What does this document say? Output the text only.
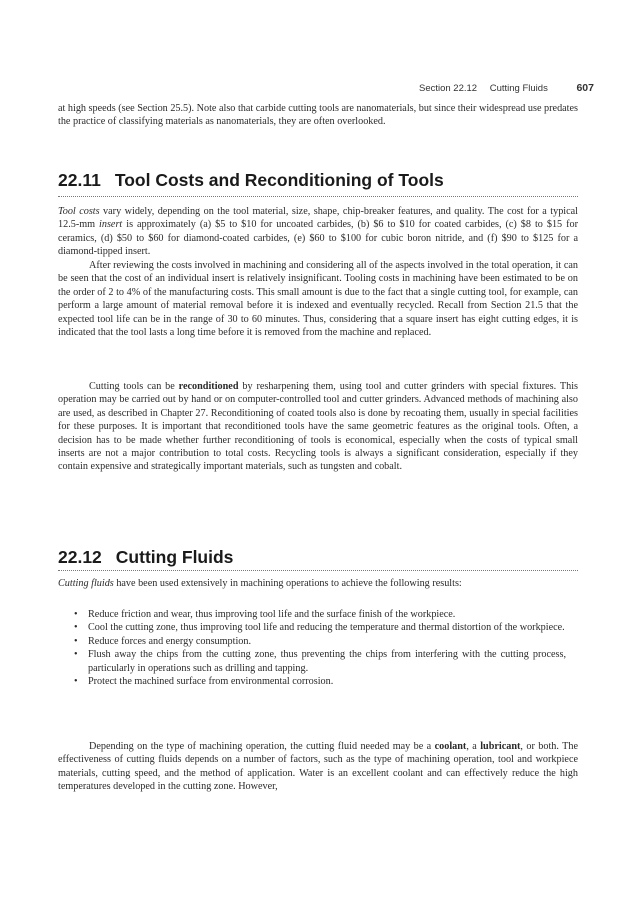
Section 22.12 Cutting Fluids	607

at high speeds (see Section 25.5). Note also that carbide cutting tools are nanomaterials, but since their widespread use predates the practice of classifying materials as nanomaterials, they are often overlooked.

22.11 Tool Costs and Reconditioning of Tools

Tool costs vary widely, depending on the tool material, size, shape, chip-breaker features, and quality. The cost for a typical 12.5-mm insert is approximately (a) $5 to $10 for uncoated carbides, (b) $6 to $10 for coated carbides, (c) $8 to $15 for ceramics, (d) $50 to $60 for diamond-coated carbides, (e) $60 to $100 for cubic boron nitride, and (f) $90 to $125 for a diamond-tipped insert.

After reviewing the costs involved in machining and considering all of the aspects involved in the total operation, it can be seen that the cost of an individual insert is relatively insignificant. Tooling costs in machining have been estimated to be on the order of 2 to 4% of the manufacturing costs. This small amount is due to the fact that a single cutting tool, for example, can perform a large amount of material removal before it is indexed and eventually recycled. Recall from Section 21.5 that the expected tool life can be in the range of 30 to 60 minutes. Thus, considering that a square insert has eight cutting edges, it is indicated that the tool lasts a long time before it is removed from the machine and replaced.

Cutting tools can be reconditioned by resharpening them, using tool and cutter grinders with special fixtures. This operation may be carried out by hand or on computer-controlled tool and cutter grinders. Advanced methods of machining also are used, as described in Chapter 27. Reconditioning of coated tools also is done by recoating them, usually in special facilities for these purposes. It is important that reconditioned tools have the same geometric features as the original tools. Often, a decision has to be made whether further reconditioning of tools is economical, especially when the costs of typical small inserts are not a major contribution to total costs. Recycling tools is always a significant consideration, especially if they contain expensive and strategically important materials, such as tungsten and cobalt.

22.12 Cutting Fluids

Cutting fluids have been used extensively in machining operations to achieve the following results:

• Reduce friction and wear, thus improving tool life and the surface finish of the workpiece.
• Cool the cutting zone, thus improving tool life and reducing the temperature and thermal distortion of the workpiece.
• Reduce forces and energy consumption.
• Flush away the chips from the cutting zone, thus preventing the chips from interfering with the cutting process, particularly in operations such as drilling and tapping.
• Protect the machined surface from environmental corrosion.

Depending on the type of machining operation, the cutting fluid needed may be a coolant, a lubricant, or both. The effectiveness of cutting fluids depends on a number of factors, such as the type of machining operation, tool and workpiece materials, cutting speed, and the method of application. Water is an excellent coolant and can effectively reduce the high temperatures developed in the cutting zone. However,
